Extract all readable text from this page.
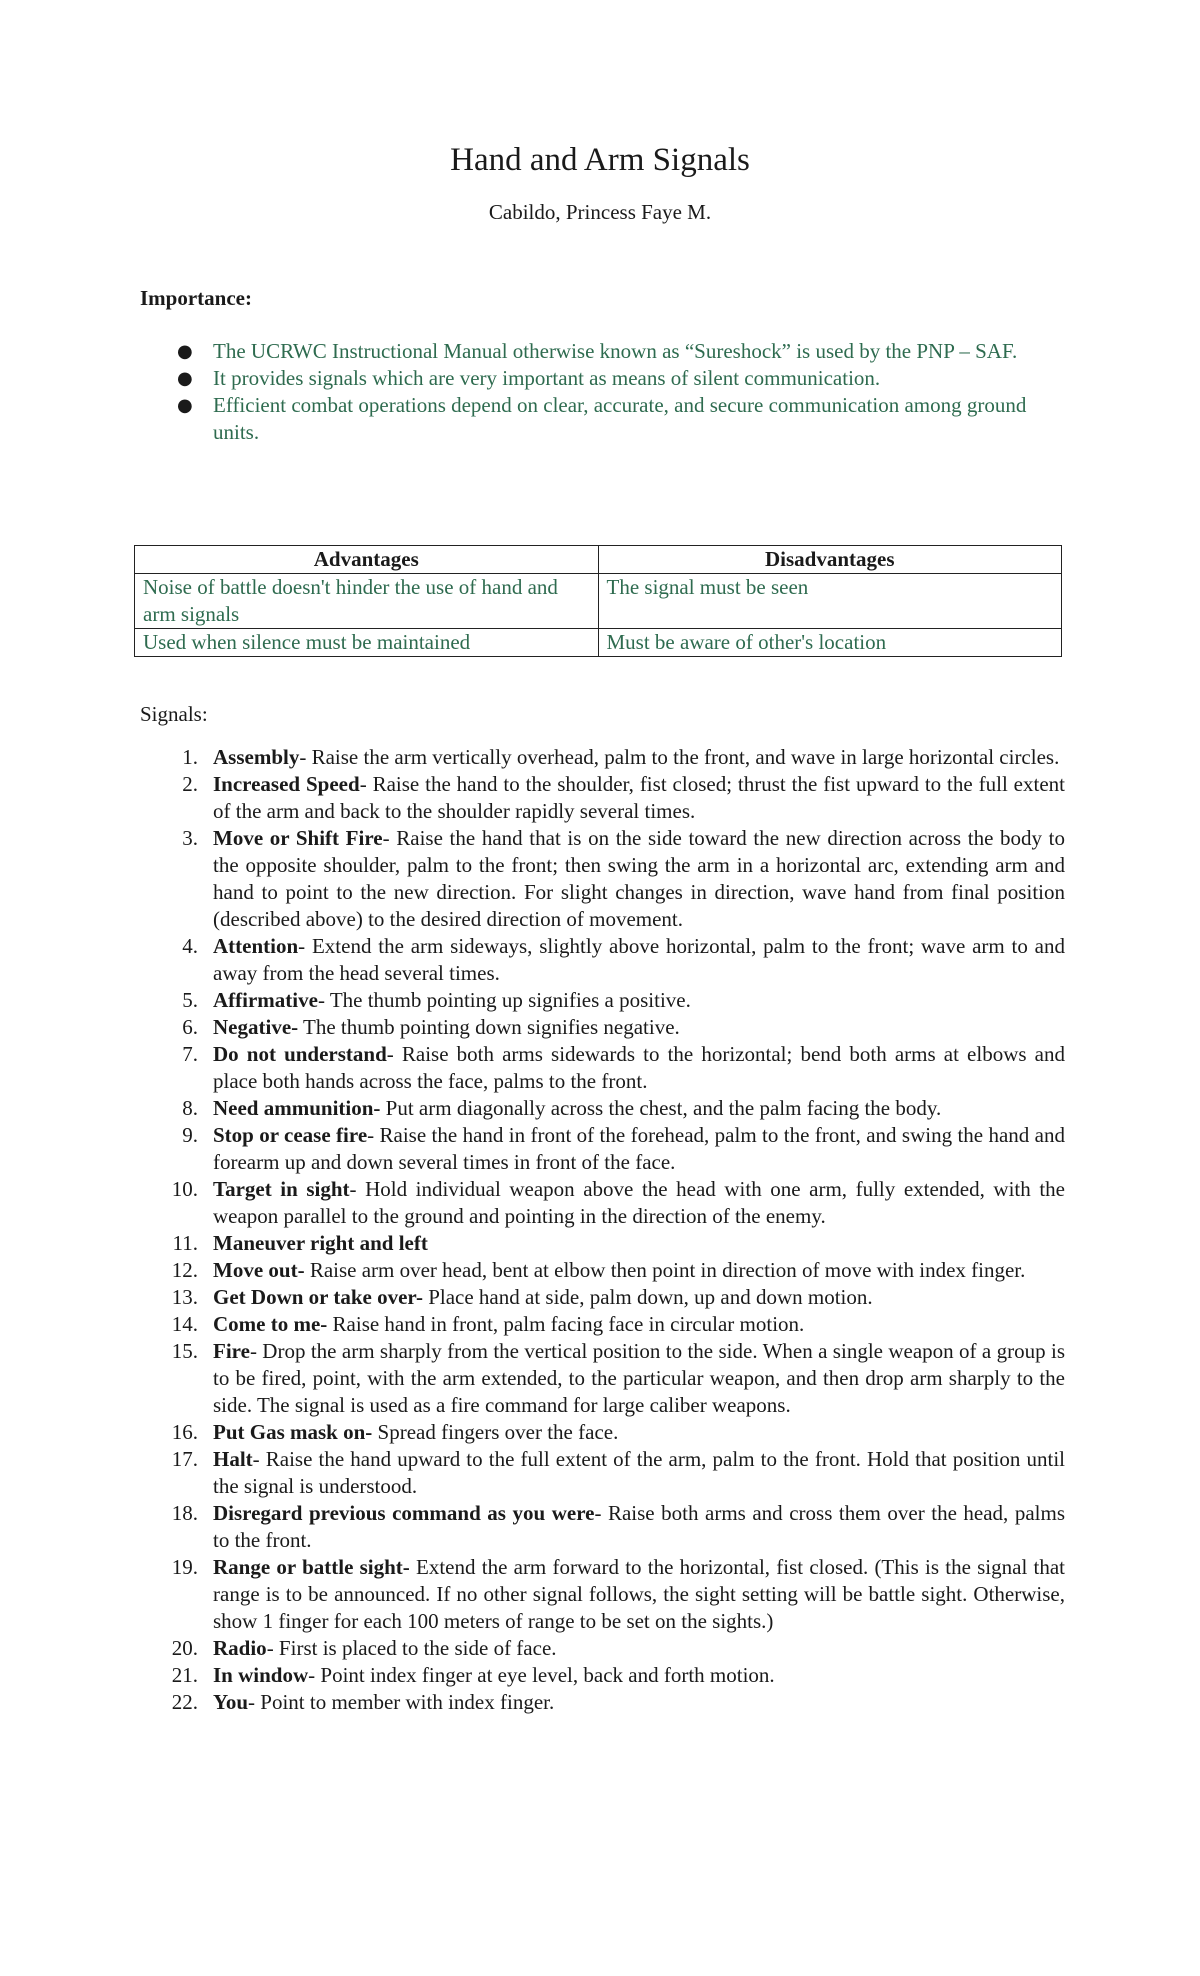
Hand and Arm Signals
Cabildo, Princess Faye M.
Importance:
● The UCRWC Instructional Manual otherwise known as “Sureshock” is used by the PNP – SAF.
● It provides signals which are very important as means of silent communication.
● Efficient combat operations depend on clear, accurate, and secure communication among ground units.
Advantages	Disadvantages
Noise of battle doesn't hinder the use of hand and arm signals	The signal must be seen
Used when silence must be maintained	Must be aware of other's location
Signals:
1. Assembly- Raise the arm vertically overhead, palm to the front, and wave in large horizontal circles.
2. Increased Speed- Raise the hand to the shoulder, fist closed; thrust the fist upward to the full extent of the arm and back to the shoulder rapidly several times.
3. Move or Shift Fire- Raise the hand that is on the side toward the new direction across the body to the opposite shoulder, palm to the front; then swing the arm in a horizontal arc, extending arm and hand to point to the new direction. For slight changes in direction, wave hand from final position (described above) to the desired direction of movement.
4. Attention- Extend the arm sideways, slightly above horizontal, palm to the front; wave arm to and away from the head several times.
5. Affirmative- The thumb pointing up signifies a positive.
6. Negative- The thumb pointing down signifies negative.
7. Do not understand- Raise both arms sidewards to the horizontal; bend both arms at elbows and place both hands across the face, palms to the front.
8. Need ammunition- Put arm diagonally across the chest, and the palm facing the body.
9. Stop or cease fire- Raise the hand in front of the forehead, palm to the front, and swing the hand and forearm up and down several times in front of the face.
10. Target in sight- Hold individual weapon above the head with one arm, fully extended, with the weapon parallel to the ground and pointing in the direction of the enemy.
11. Maneuver right and left
12. Move out- Raise arm over head, bent at elbow then point in direction of move with index finger.
13. Get Down or take over- Place hand at side, palm down, up and down motion.
14. Come to me- Raise hand in front, palm facing face in circular motion.
15. Fire- Drop the arm sharply from the vertical position to the side. When a single weapon of a group is to be fired, point, with the arm extended, to the particular weapon, and then drop arm sharply to the side. The signal is used as a fire command for large caliber weapons.
16. Put Gas mask on- Spread fingers over the face.
17. Halt- Raise the hand upward to the full extent of the arm, palm to the front. Hold that position until the signal is understood.
18. Disregard previous command as you were- Raise both arms and cross them over the head, palms to the front.
19. Range or battle sight- Extend the arm forward to the horizontal, fist closed. (This is the signal that range is to be announced. If no other signal follows, the sight setting will be battle sight. Otherwise, show 1 finger for each 100 meters of range to be set on the sights.)
20. Radio- First is placed to the side of face.
21. In window- Point index finger at eye level, back and forth motion.
22. You- Point to member with index finger.
